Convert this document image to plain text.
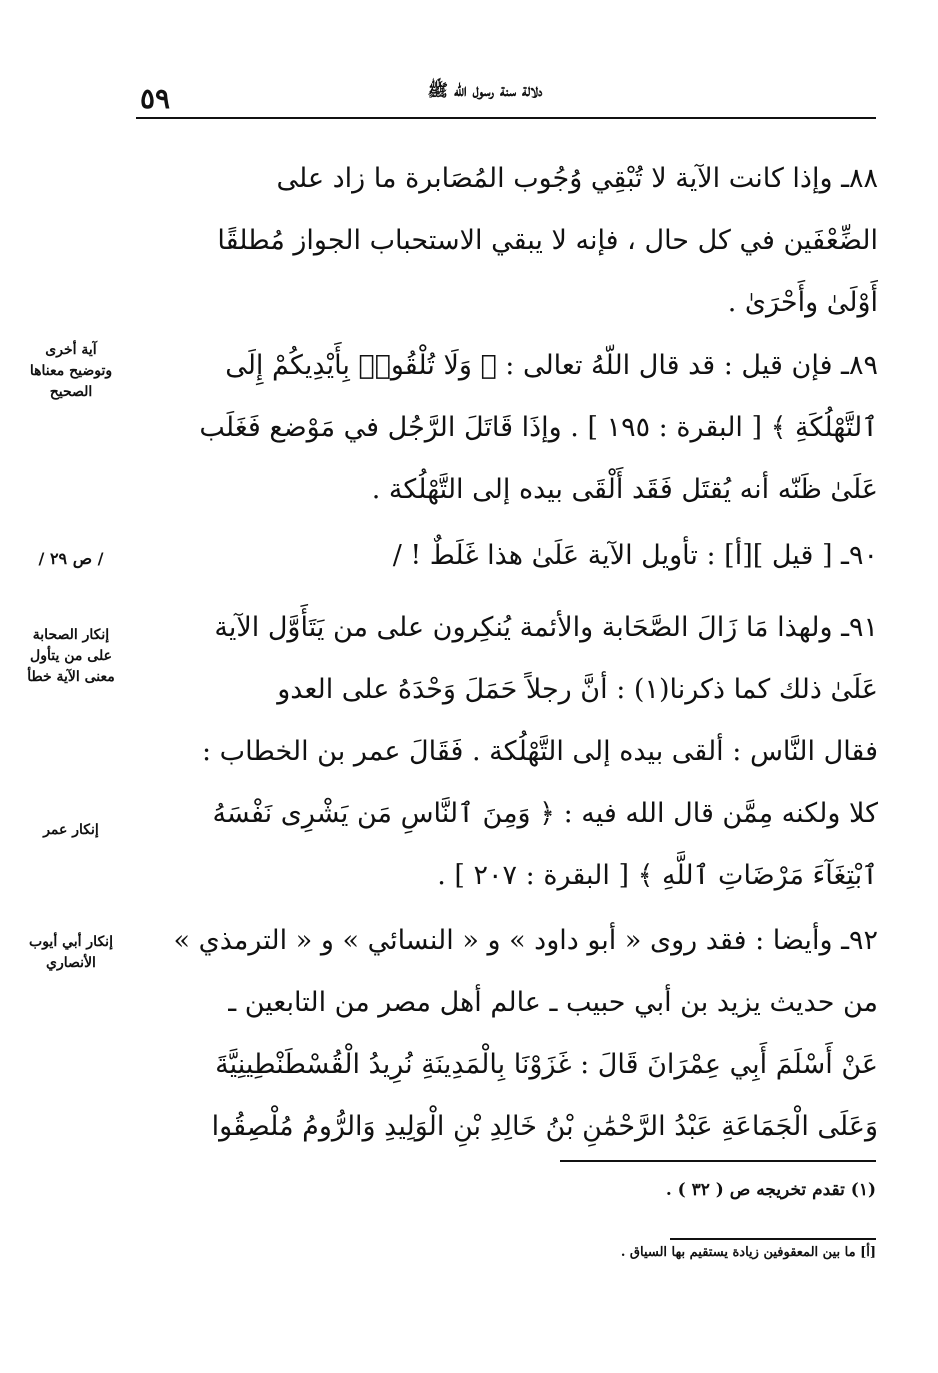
٥٩	دلالة سنة رسول الله ﷺ
٨٨ـ وإذا كانت الآية لا تُبْقِي وُجُوب المُصَابرة ما زاد على
الضِّعْفَين في كل حال ، فإنه لا يبقي الاستحباب الجواز مُطلقًا
أَوْلَىٰ وأَحْرَىٰ .
٨٩ـ فإن قيل : قد قال اللّهُ تعالى : ﴿ وَلَا تُلْقُوا۟ بِأَيْدِيكُمْ إِلَى
ٱلتَّهْلُكَةِ ﴾ [ البقرة : ١٩٥ ] . وإذَا قَاتَلَ الرَّجُل في مَوْضع فَغَلَب
عَلَىٰ ظَنّه أنه يُقتَل فَقَد أَلْقَى بيده إلى التَّهْلُكة .
آية أخرى وتوضيح معناها الصحيح
٩٠ـ [ قيل ][أ] : تأويل الآية عَلَىٰ هذا غَلَطٌ ! /
/ ص ٢٩ /
٩١ـ ولهذا مَا زَالَ الصَّحَابة والأئمة يُنكِرون على من يَتَأَوَّل الآية
عَلَىٰ ذلك كما ذكرنا(١) : أنَّ رجلاً حَمَلَ وَحْدَهُ على العدو
فقال النَّاس : ألقى بيده إلى التَّهْلُكة . فَقَالَ عمر بن الخطاب :
كلا ولكنه مِمَّن قال الله فيه : ﴿ وَمِنَ ٱلنَّاسِ مَن يَشْرِى نَفْسَهُ
ٱبْتِغَآءَ مَرْضَاتِ ٱللَّهِ ﴾ [ البقرة : ٢٠٧ ] .
إنكار الصحابة على من يتأول معنى الآية خطأ
إنكار عمر
٩٢ـ وأيضا : فقد روى « أبو داود » و « النسائي » و « الترمذي »
من حديث يزيد بن أبي حبيب ـ عالم أهل مصر من التابعين ـ
عَنْ أَسْلَمَ أَبِي عِمْرَانَ قَالَ : غَزَوْنَا بِالْمَدِينَةِ نُرِيدُ الْقُسْطَنْطِينِيَّةَ
وَعَلَى الْجَمَاعَةِ عَبْدُ الرَّحْمَٰنِ بْنُ خَالِدِ بْنِ الْوَلِيدِ وَالرُّومُ مُلْصِقُوا
إنكار أبي أيوب الأنصاري
(١) تقدم تخريجه ص ( ٣٢ ) .
[أ] ما بين المعقوفين زيادة يستقيم بها السياق .
